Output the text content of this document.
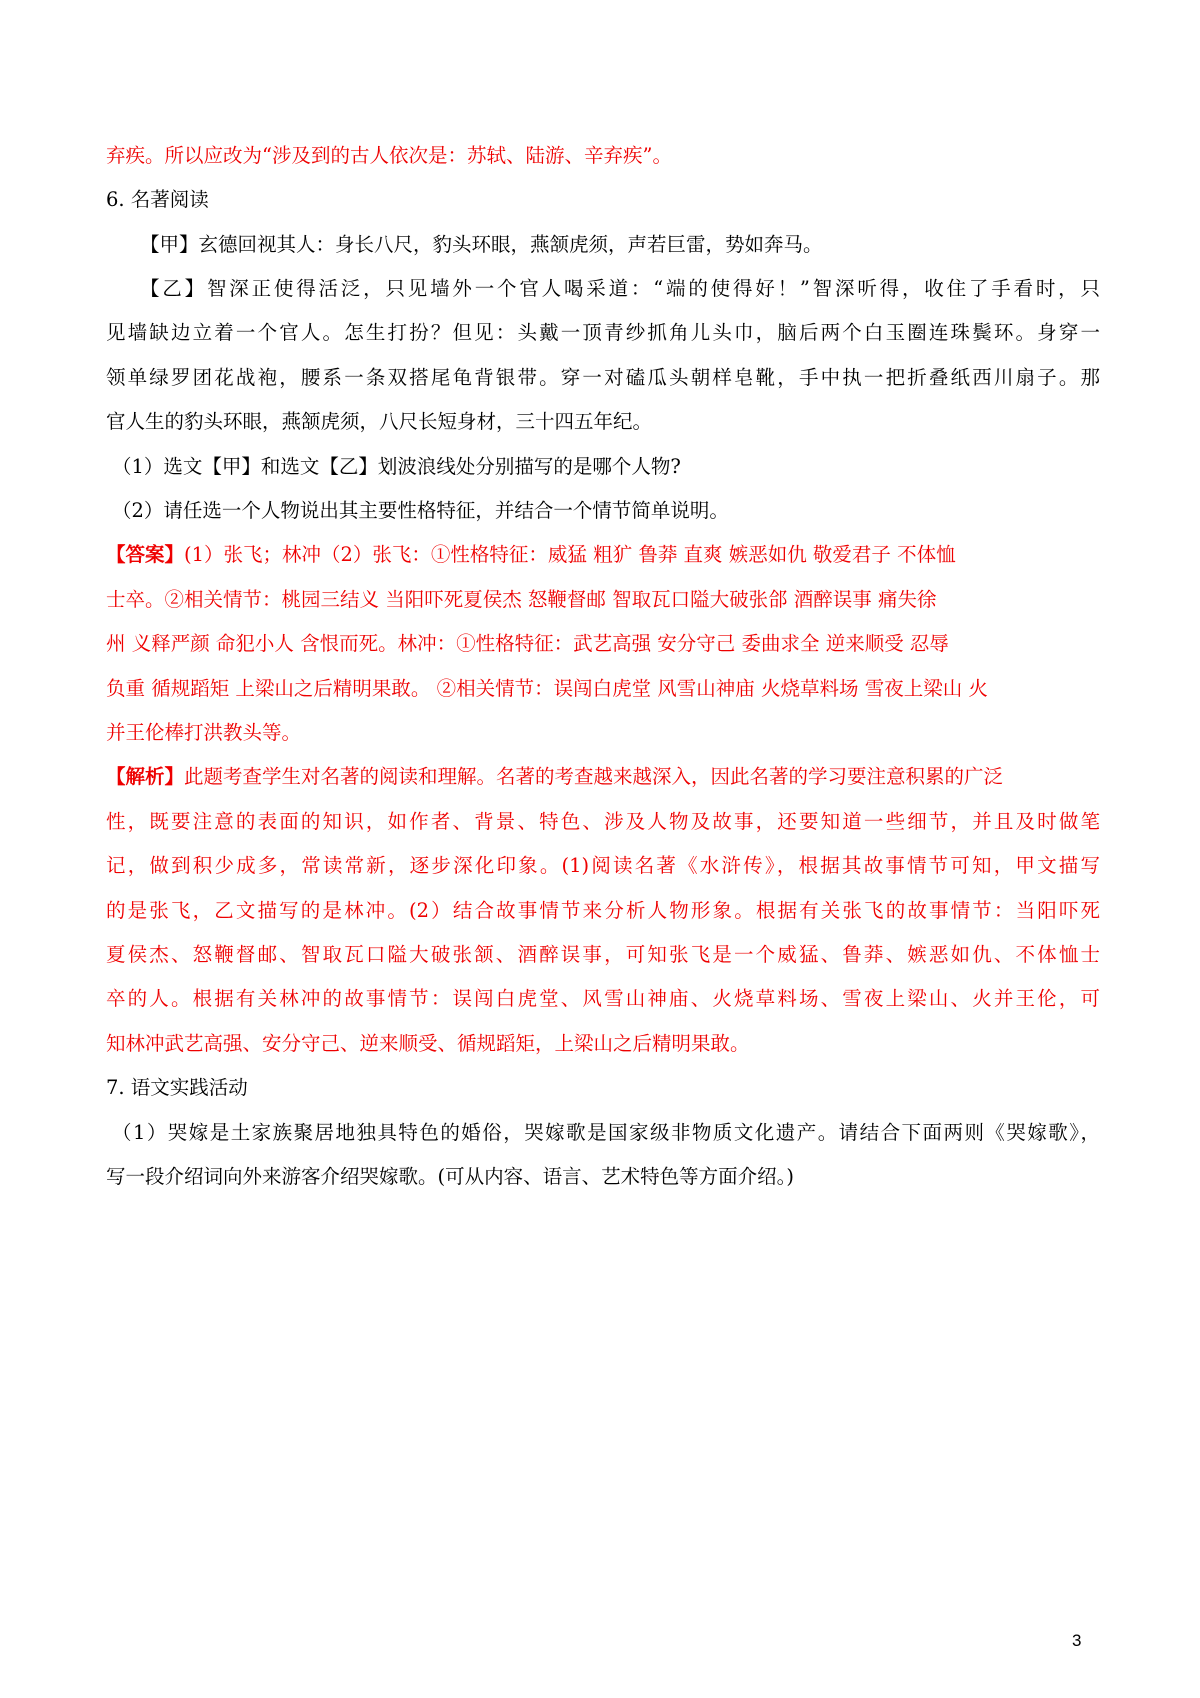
弃疾。所以应改为“涉及到的古人依次是：苏轼、陆游、辛弃疾”。
6. 名著阅读
【甲】玄德回视其人：身长八尺，豹头环眼，燕颔虎须，声若巨雷，势如奔马。
【乙】智深正使得活泛，只见墙外一个官人喝采道：“端的使得好！”智深听得，收住了手看时，只
见墙缺边立着一个官人。怎生打扮？但见：头戴一顶青纱抓角儿头巾，脑后两个白玉圈连珠鬓环。身穿一
领单绿罗团花战袍，腰系一条双搭尾龟背银带。穿一对磕瓜头朝样皂靴，手中执一把折叠纸西川扇子。那
官人生的豹头环眼，燕颔虎须，八尺长短身材，三十四五年纪。
（1）选文【甲】和选文【乙】划波浪线处分别描写的是哪个人物?
（2）请任选一个人物说出其主要性格特征，并结合一个情节简单说明。
【答案】(1）张飞；林冲（2）张飞：①性格特征：威猛 粗犷 鲁莽 直爽 嫉恶如仇 敬爱君子 不体恤
士卒。②相关情节：桃园三结义 当阳吓死夏侯杰 怒鞭督邮 智取瓦口隘大破张郃 酒醉误事 痛失徐
州 义释严颜 命犯小人 含恨而死。林冲：①性格特征：武艺高强 安分守己 委曲求全 逆来顺受 忍辱
负重 循规蹈矩 上梁山之后精明果敢。 ②相关情节：误闯白虎堂 风雪山神庙 火烧草料场 雪夜上梁山 火
并王伦棒打洪教头等。
【解析】此题考查学生对名著的阅读和理解。名著的考查越来越深入，因此名著的学习要注意积累的广泛
性，既要注意的表面的知识，如作者、背景、特色、涉及人物及故事，还要知道一些细节，并且及时做笔
记，做到积少成多，常读常新，逐步深化印象。(1)阅读名著《水浒传》，根据其故事情节可知，甲文描写
的是张飞，乙文描写的是林冲。(2）结合故事情节来分析人物形象。根据有关张飞的故事情节：当阳吓死
夏侯杰、怒鞭督邮、智取瓦口隘大破张颔、酒醉误事，可知张飞是一个威猛、鲁莽、嫉恶如仇、不体恤士
卒的人。根据有关林冲的故事情节：误闯白虎堂、风雪山神庙、火烧草料场、雪夜上梁山、火并王伦，可
知林冲武艺高强、安分守己、逆来顺受、循规蹈矩，上梁山之后精明果敢。
7. 语文实践活动
（1）哭嫁是土家族聚居地独具特色的婚俗，哭嫁歌是国家级非物质文化遗产。请结合下面两则《哭嫁歌》，
写一段介绍词向外来游客介绍哭嫁歌。(可从内容、语言、艺术特色等方面介绍。)
3
